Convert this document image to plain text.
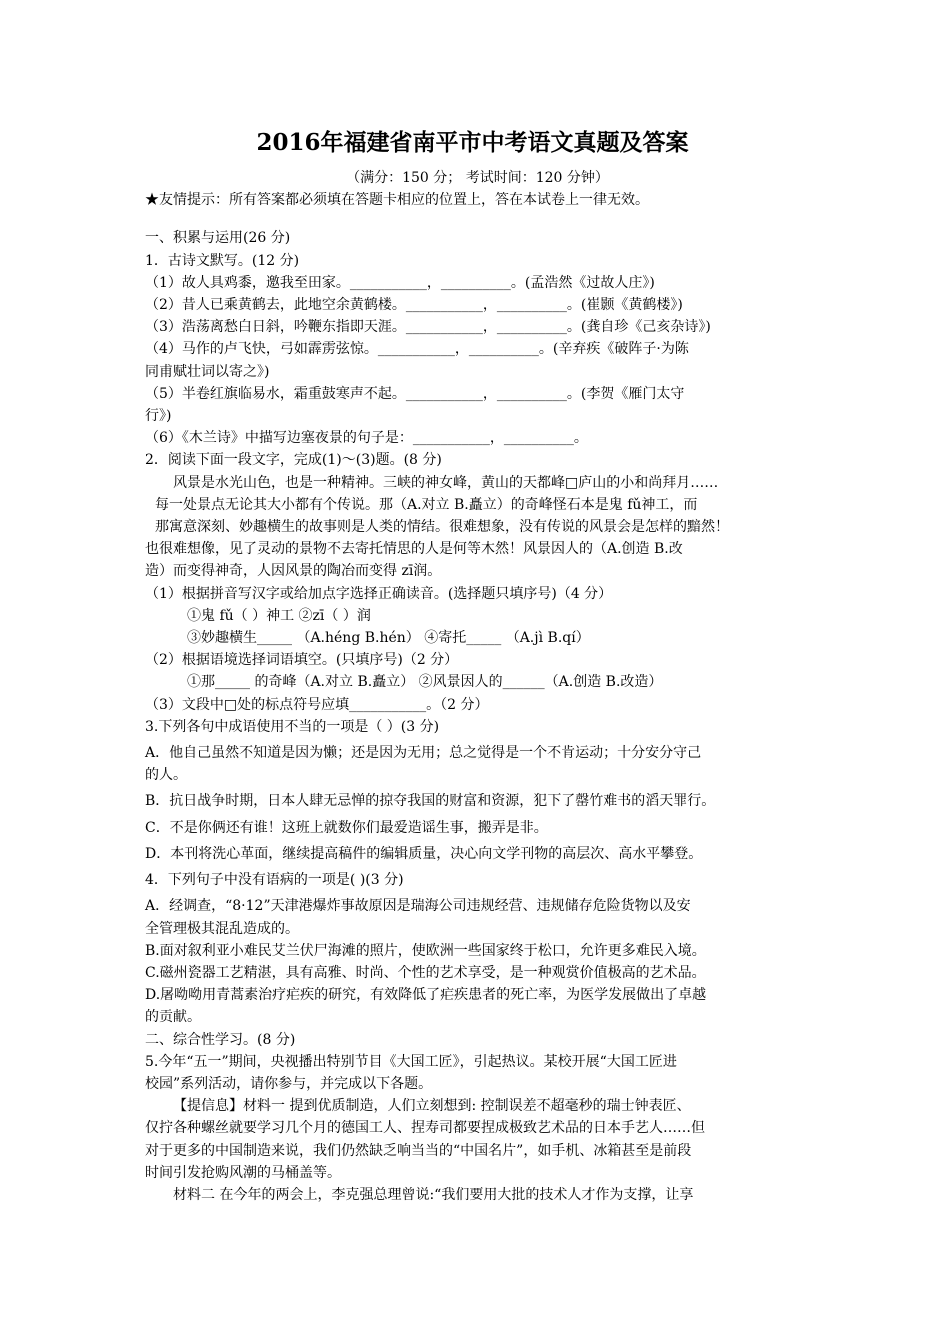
2016年福建省南平市中考语文真题及答案
（满分：150 分； 考试时间：120 分钟）
★友情提示：所有答案都必须填在答题卡相应的位置上，答在本试卷上一律无效。
一、积累与运用(26 分)
1．古诗文默写。(12 分)
（1）故人具鸡黍，邀我至田家。___________，__________。(孟浩然《过故人庄》)
（2）昔人已乘黄鹤去，此地空余黄鹤楼。___________，__________。(崔颢《黄鹤楼》)
（3）浩荡离愁白日斜，吟鞭东指即天涯。___________，__________。(龚自珍《己亥杂诗》)
（4）马作的卢飞快，弓如霹雳弦惊。___________，__________。(辛弃疾《破阵子·为陈
同甫赋壮词以寄之》)
（5）半卷红旗临易水，霜重鼓寒声不起。___________，__________。(李贺《雁门太守
行》)
（6）《木兰诗》中描写边塞夜景的句子是：___________，__________。
2．阅读下面一段文字，完成(1)～(3)题。(8 分)
风景是水光山色，也是一种精神。三峡的神女峰，黄山的天都峰□庐山的小和尚拜月……
每一处景点无论其大小都有个传说。那（A.对立 B.矗立）的奇峰怪石本是鬼 fǔ神工，而
那寓意深刻、妙趣横生的故事则是人类的情结。很难想象，没有传说的风景会是怎样的黯然！
也很难想像，见了灵动的景物不去寄托情思的人是何等木然！风景因人的（A.创造 B.改
造）而变得神奇，人因风景的陶冶而变得 zī润。
（1）根据拼音写汉字或给加点字选择正确读音。(选择题只填序号)（4 分）
①鬼 fǔ（ ）神工 ②zī（ ）润
③妙趣横生_____ （A.héng B.hén） ④寄托_____ （A.jì B.qí）
（2）根据语境选择词语填空。(只填序号)（2 分）
①那_____ 的奇峰（A.对立 B.矗立） ②风景因人的______（A.创造 B.改造）
（3）文段中□处的标点符号应填___________。（2 分）
3.下列各句中成语使用不当的一项是（ ）(3 分)
A．他自己虽然不知道是因为懒；还是因为无用；总之觉得是一个不肯运动；十分安分守己
的人。
B．抗日战争时期，日本人肆无忌惮的掠夺我国的财富和资源，犯下了罄竹难书的滔天罪行。
C．不是你俩还有谁！这班上就数你们最爱造谣生事，搬弄是非。
D．本刊将洗心革面，继续提高稿件的编辑质量，决心向文学刊物的高层次、高水平攀登。
4．下列句子中没有语病的一项是( )(3 分)
A．经调查，“8·12”天津港爆炸事故原因是瑞海公司违规经营、违规储存危险货物以及安
全管理极其混乱造成的。
B.面对叙利亚小难民艾兰伏尸海滩的照片，使欧洲一些国家终于松口，允许更多难民入境。
C.磁州瓷器工艺精湛，具有高雅、时尚、个性的艺术享受，是一种观赏价值极高的艺术品。
D.屠呦呦用青蒿素治疗疟疾的研究，有效降低了疟疾患者的死亡率，为医学发展做出了卓越
的贡献。
二、综合性学习。(8 分)
5.今年“五一”期间，央视播出特别节目《大国工匠》，引起热议。某校开展“大国工匠进
校园”系列活动，请你参与，并完成以下各题。
【提信息】材料一 提到优质制造，人们立刻想到: 控制误差不超毫秒的瑞士钟表匠、
仅拧各种螺丝就要学习几个月的德国工人、捏寿司都要捏成极致艺术品的日本手艺人……但
对于更多的中国制造来说，我们仍然缺乏响当当的“中国名片”，如手机、冰箱甚至是前段
时间引发抢购风潮的马桶盖等。
材料二 在今年的两会上，李克强总理曾说:“我们要用大批的技术人才作为支撑，让享
